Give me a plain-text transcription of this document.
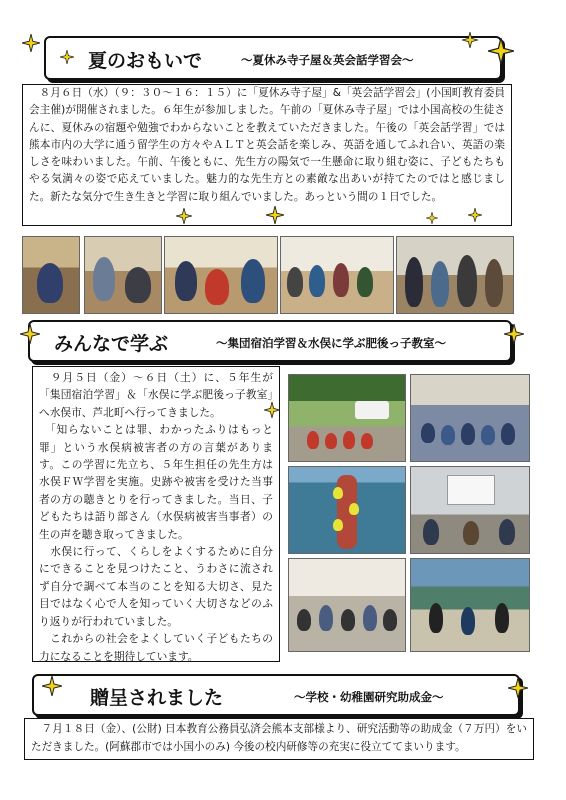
夏のおもいで	～夏休み寺子屋＆英会話学習会～

　８月６日（水）（９：３０～１６：１５）に「夏休み寺子屋」&「英会話学習会」(小国町教育委員会主催)が開催されました。６年生が参加しました。午前の「夏休み寺子屋」では小国高校の生徒さんに、夏休みの宿題や勉強でわからないことを教えていただきました。午後の「英会話学習」では熊本市内の大学に通う留学生の方々やＡＬＴと英会話を楽しみ、英語を通してふれ合い、英語の楽しさを味わいました。午前、午後ともに、先生方の陽気で一生懸命に取り組む姿に、子どもたちもやる気満々の姿で応えていました。魅力的な先生方との素敵な出あいが持てたのではと感じました。新たな気分で生き生きと学習に取り組んでいました。あっという間の１日でした。

みんなで学ぶ	～集団宿泊学習＆水俣に学ぶ肥後っ子教室～

　９月５日（金）～６日（土）に、５年生が「集団宿泊学習」＆「水俣に学ぶ肥後っ子教室」へ水俣市、芦北町へ行ってきました。

　「知らないことは罪、わかったふりはもっと罪」という水俣病被害者の方の言葉があります。この学習に先立ち、５年生担任の先生方は水俣ＦＷ学習を実施。史跡や被害を受けた当事者の方の聴きとりを行ってきました。当日、子どもたちは語り部さん（水俣病被害当事者）の生の声を聴き取ってきました。

　水俣に行って、くらしをよくするために自分にできることを見つけたこと、うわさに流されず自分で調べて本当のことを知る大切さ、見た目ではなく心で人を知っていく大切さなどのふり返りが行われていました。

　これからの社会をよくしていく子どもたちの力になることを期待しています。

贈呈されました	～学校・幼稚園研究助成金～

　７月１８日（金）、(公財) 日本教育公務員弘済会熊本支部様より、研究活動等の助成金（７万円）をいただきました。(阿蘇郡市では小国小のみ) 今後の校内研修等の充実に役立ててまいります。
